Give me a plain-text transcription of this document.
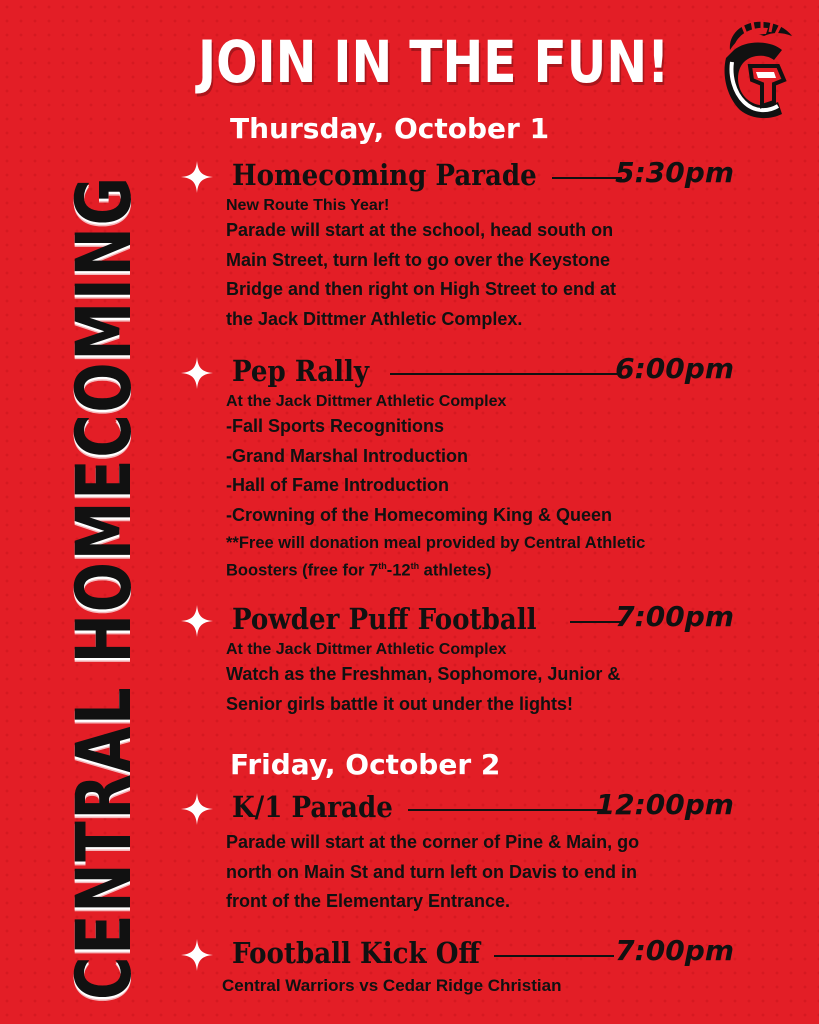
CENTRAL HOMECOMING
JOIN IN THE FUN!
Thursday, October 1
Homecoming Parade	5:30pm
New Route This Year!
Parade will start at the school, head south on
Main Street, turn left to go over the Keystone
Bridge and then right on High Street to end at
the Jack Dittmer Athletic Complex.
Pep Rally	6:00pm
At the Jack Dittmer Athletic Complex
-Fall Sports Recognitions
-Grand Marshal Introduction
-Hall of Fame Introduction
-Crowning of the Homecoming King & Queen
**Free will donation meal provided by Central Athletic
Boosters (free for 7th-12th athletes)
Powder Puff Football	7:00pm
At the Jack Dittmer Athletic Complex
Watch as the Freshman, Sophomore, Junior &
Senior girls battle it out under the lights!
Friday, October 2
K/1 Parade	12:00pm
Parade will start at the corner of Pine & Main, go
north on Main St and turn left on Davis to end in
front of the Elementary Entrance.
Football Kick Off	7:00pm
Central Warriors vs Cedar Ridge Christian
